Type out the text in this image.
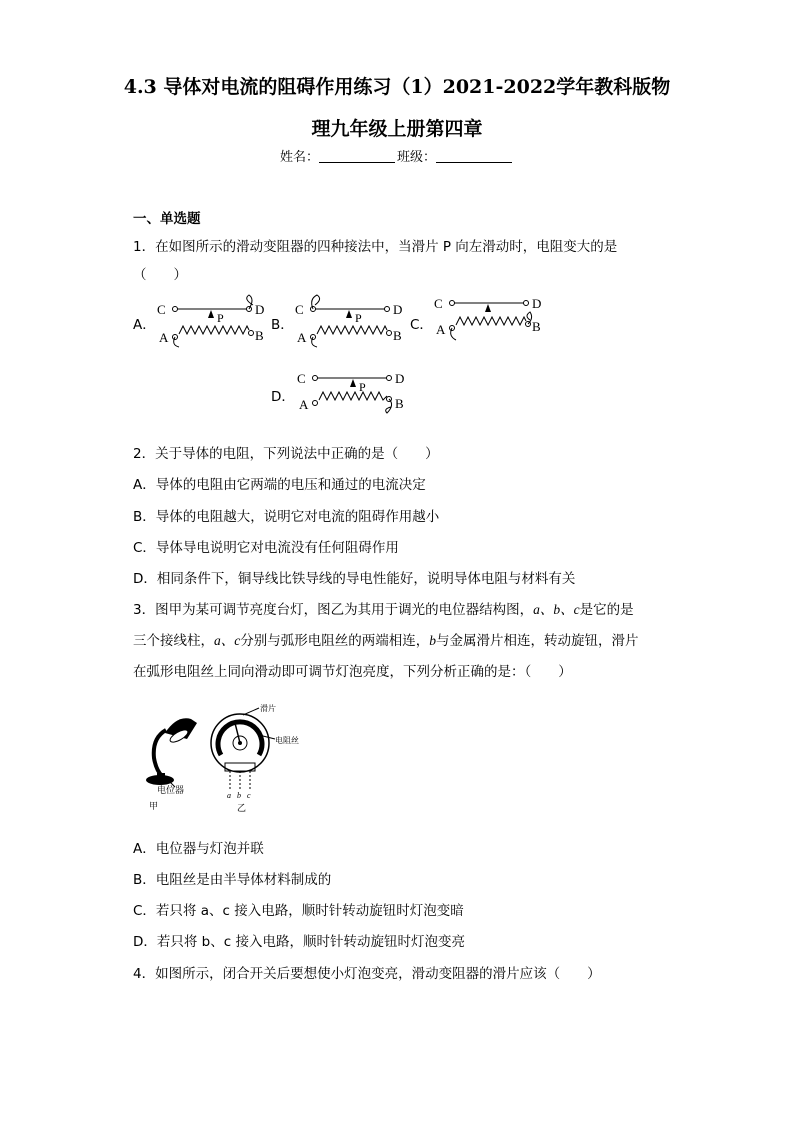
4.3 导体对电流的阻碍作用练习（1）2021-2022学年教科版物
理九年级上册第四章
姓名：	班级：
一、单选题
1．在如图所示的滑动变阻器的四种接法中，当滑片 P 向左滑动时，电阻变大的是
（　　）
A．	B．	C．
D．
C	D
P
A	B
C	D
P
A	B
C	D
A	B
C	D
P
A	B
2．关于导体的电阻，下列说法中正确的是（　　）
A．导体的电阻由它两端的电压和通过的电流决定
B．导体的电阻越大，说明它对电流的阻碍作用越小
C．导体导电说明它对电流没有任何阻碍作用
D．相同条件下，铜导线比铁导线的导电性能好，说明导体电阻与材料有关
3．图甲为某可调节亮度台灯，图乙为其用于调光的电位器结构图，a、b、c是它的是
三个接线柱，a、c分别与弧形电阻丝的两端相连，b与金属滑片相连，转动旋钮，滑片
在弧形电阻丝上同向滑动即可调节灯泡亮度，下列分析正确的是：（　　）
电位器
甲
滑片
电阻丝
a b c
乙
A．电位器与灯泡并联
B．电阻丝是由半导体材料制成的
C．若只将 a、c 接入电路，顺时针转动旋钮时灯泡变暗
D．若只将 b、c 接入电路，顺时针转动旋钮时灯泡变亮
4．如图所示，闭合开关后要想使小灯泡变亮，滑动变阻器的滑片应该（　　）
